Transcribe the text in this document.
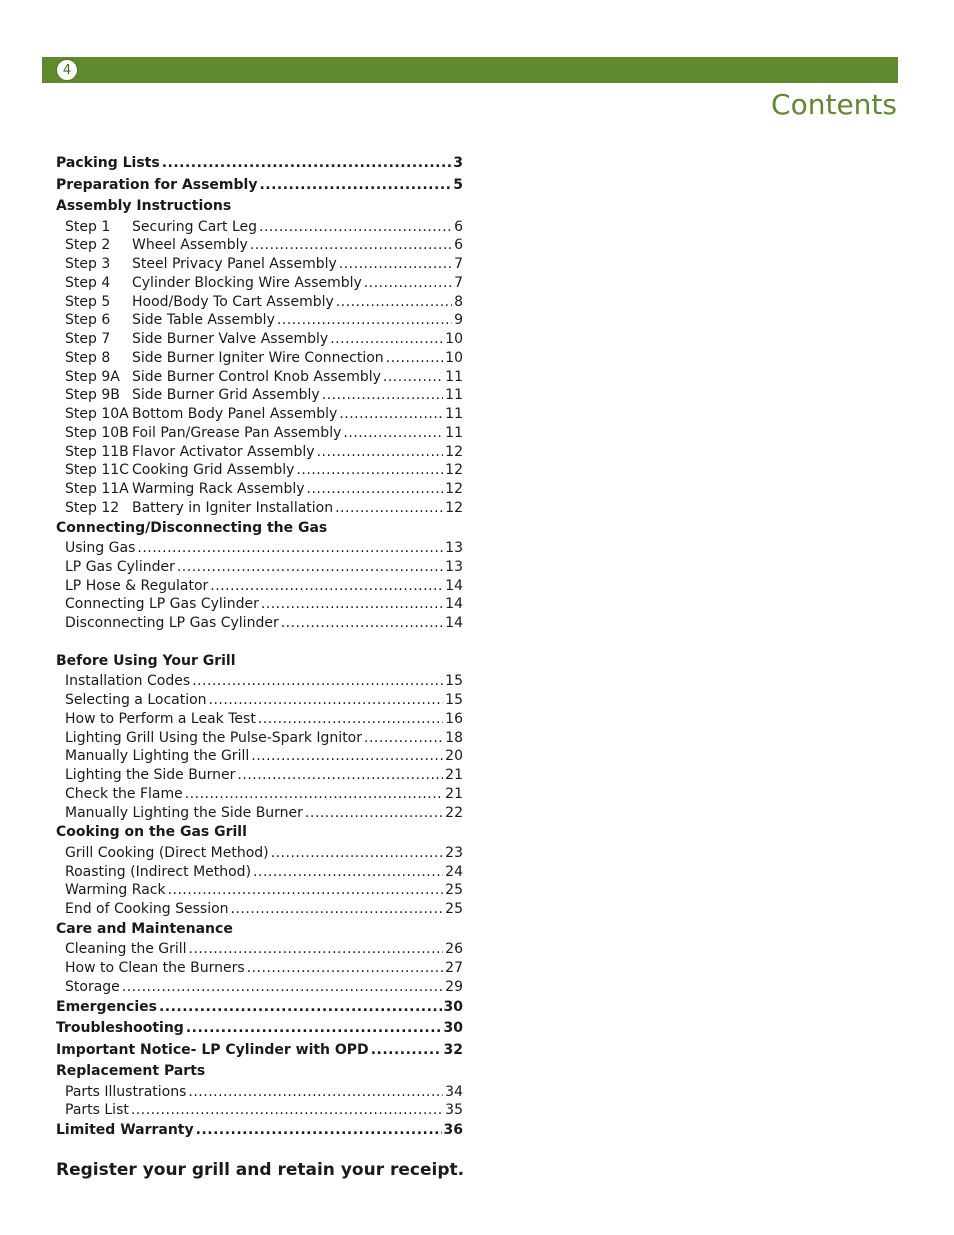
4
Contents
Packing Lists .....	3
Preparation for Assembly .....	5
Assembly Instructions
Step 1 Securing Cart Leg .....	6
Step 2 Wheel Assembly .....	6
Step 3 Steel Privacy Panel Assembly .....	7
Step 4 Cylinder Blocking Wire Assembly .....	7
Step 5 Hood/Body To Cart Assembly .....	8
Step 6 Side Table Assembly .....	9
Step 7 Side Burner Valve Assembly .....	10
Step 8 Side Burner Igniter Wire Connection .....	10
Step 9A Side Burner Control Knob Assembly .....	11
Step 9B Side Burner Grid Assembly .....	11
Step 10A Bottom Body Panel Assembly .....	11
Step 10B Foil Pan/Grease Pan Assembly .....	11
Step 11B Flavor Activator Assembly .....	12
Step 11C Cooking Grid Assembly .....	12
Step 11A Warming Rack Assembly .....	12
Step 12 Battery in Igniter Installation .....	12
Connecting/Disconnecting the Gas
Using Gas .....	13
LP Gas Cylinder .....	13
LP Hose & Regulator .....	14
Connecting LP Gas Cylinder .....	14
Disconnecting LP Gas Cylinder .....	14
Before Using Your Grill
Installation Codes .....	15
Selecting a Location .....	15
How to Perform a Leak Test .....	16
Lighting Grill Using the Pulse-Spark Ignitor .....	18
Manually Lighting the Grill .....	20
Lighting the Side Burner .....	21
Check the Flame .....	21
Manually Lighting the Side Burner .....	22
Cooking on the Gas Grill
Grill Cooking (Direct Method) .....	23
Roasting (Indirect Method) .....	24
Warming Rack .....	25
End of Cooking Session .....	25
Care and Maintenance
Cleaning the Grill .....	26
How to Clean the Burners .....	27
Storage .....	29
Emergencies .....	30
Troubleshooting .....	30
Important Notice- LP Cylinder with OPD .....	32
Replacement Parts
Parts Illustrations .....	34
Parts List .....	35
Limited Warranty .....	36

Register your grill and retain your receipt.
